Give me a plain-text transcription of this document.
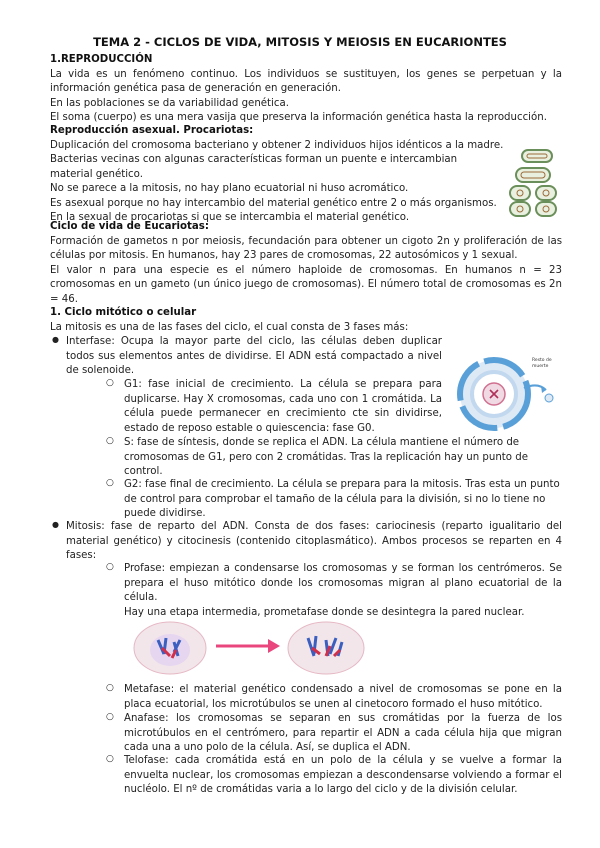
TEMA 2 - CICLOS DE VIDA, MITOSIS Y MEIOSIS EN EUCARIONTES

1.REPRODUCCIÓN

La vida es un fenómeno continuo. Los individuos se sustituyen, los genes se perpetuan y la información genética pasa de generación en generación.

En las poblaciones se da variabilidad genética.

El soma (cuerpo) es una mera vasija que preserva la información genética hasta la reproducción.

Reproducción asexual. Procariotas:

Duplicación del cromosoma bacteriano y obtener 2 individuos hijos idénticos a la madre.

Bacterias vecinas con algunas características forman un puente e intercambian material genético.

No se parece a la mitosis, no hay plano ecuatorial ni huso acromático.

Es asexual porque no hay intercambio del material genético entre 2 o más organismos.

En la sexual de procariotas si que se intercambia el material genético.

Ciclo de vida de Eucariotas:

Formación de gametos n por meiosis, fecundación para obtener un cigoto 2n y proliferación de las células por mitosis. En humanos, hay 23 pares de cromosomas, 22 autosómicos y 1 sexual.

El valor n para una especie es el número haploide de cromosomas. En humanos n = 23 cromosomas en un gameto (un único juego de cromosomas). El número total de cromosomas es 2n = 46.

1. Ciclo mitótico o celular

La mitosis es una de las fases del ciclo, el cual consta de 3 fases más:

● Interfase: Ocupa la mayor parte del ciclo, las células deben duplicar todos sus elementos antes de dividirse. El ADN está compactado a nivel de solenoide.

Resto de muerte
○ G1: fase inicial de crecimiento. La célula se prepara para duplicarse. Hay X cromosomas, cada uno con 1 cromátida. La célula puede permanecer en crecimiento cte sin dividirse, estado de reposo estable o quiescencia: fase G0.

○ S: fase de síntesis, donde se replica el ADN. La célula mantiene el número de cromosomas de G1, pero con 2 cromátidas. Tras la replicación hay un punto de control.

○ G2: fase final de crecimiento. La célula se prepara para la mitosis. Tras esta un punto de control para comprobar el tamaño de la célula para la división, si no lo tiene no puede dividirse.

● Mitosis: fase de reparto del ADN. Consta de dos fases: cariocinesis (reparto igualitario del material genético) y citocinesis (contenido citoplasmático). Ambos procesos se reparten en 4 fases:

○ Profase: empiezan a condensarse los cromosomas y se forman los centrómeros. Se prepara el huso mitótico donde los cromosomas migran al plano ecuatorial de la célula.

Hay una etapa intermedia, prometafase donde se desintegra la pared nuclear.

○ Metafase: el material genético condensado a nivel de cromosomas se pone en la placa ecuatorial, los microtúbulos se unen al cinetocoro formado el huso mitótico.

○ Anafase: los cromosomas se separan en sus cromátidas por la fuerza de los microtúbulos en el centrómero, para repartir el ADN a cada célula hija que migran cada una a uno polo de la célula. Así, se duplica el ADN.

○ Telofase: cada cromátida está en un polo de la célula y se vuelve a formar la envuelta nuclear, los cromosomas empiezan a descondensarse volviendo a formar el nucléolo. El nº de cromátidas varia a lo largo del ciclo y de la división celular.
